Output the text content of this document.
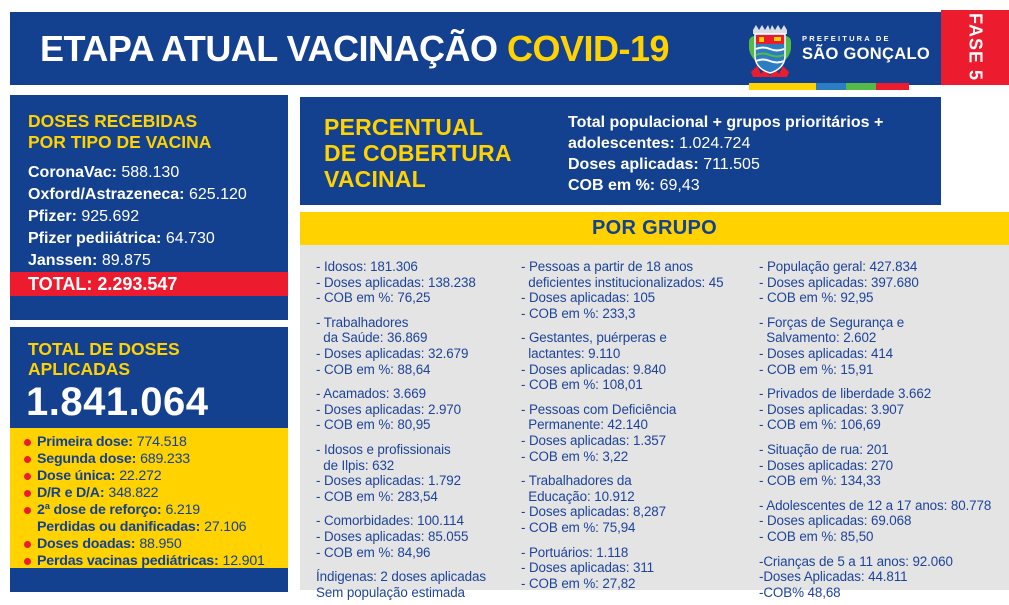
ETAPA ATUAL VACINAÇÃO COVID-19	PREFEITURA DE
SÃO GONÇALO FASE 5
DOSES RECEBIDAS
POR TIPO DE VACINA
CoronaVac: 588.130
Oxford/Astrazeneca: 625.120
Pfizer: 925.692
Pfizer pediiátrica: 64.730
Janssen: 89.875
TOTAL: 2.293.547
TOTAL DE DOSES
APLICADAS
1.841.064
Primeira dose: 774.518
Segunda dose: 689.233
Dose única: 22.272
D/R e D/A: 348.822
2ª dose de reforço: 6.219
Perdidas ou danificadas: 27.106
Doses doadas: 88.950
Perdas vacinas pediátricas: 12.901
PERCENTUAL
DE COBERTURA
VACINAL

Total populacional + grupos prioritários + adolescentes: 1.024.724

Doses aplicadas: 711.505

COB em %: 69,43

POR GRUPO
- Idosos: 181.306
- Doses aplicadas: 138.238
- COB em %: 76,25
- Trabalhadores
da Saúde: 36.869
- Doses aplicadas: 32.679
- COB em %: 88,64
- Acamados: 3.669
- Doses aplicadas: 2.970
- COB em %: 80,95
- Idosos e profissionais
de Ilpis: 632
- Doses aplicadas: 1.792
- COB em %: 283,54
- Comorbidades: 100.114
- Doses aplicadas: 85.055
- COB em %: 84,96
Índigenas: 2 doses aplicadas
Sem população estimada
- Pessoas a partir de 18 anos
deficientes institucionalizados: 45
- Doses aplicadas: 105
- COB em %: 233,3
- Gestantes, puérperas e
lactantes: 9.110
- Doses aplicadas: 9.840
- COB em %: 108,01
- Pessoas com Deficiência
Permanente: 42.140
- Doses aplicadas: 1.357
- COB em %: 3,22
- Trabalhadores da
Educação: 10.912
- Doses aplicadas: 8,287
- COB em %: 75,94
- Portuários: 1.118
- Doses aplicadas: 311
- COB em %: 27,82
- População geral: 427.834
- Doses aplicadas: 397.680
- COB em %: 92,95
- Forças de Segurança e
Salvamento: 2.602
- Doses aplicadas: 414
- COB em %: 15,91
- Privados de liberdade 3.662
- Doses aplicadas: 3.907
- COB em %: 106,69
- Situação de rua: 201
- Doses aplicadas: 270
- COB em %: 134,33
- Adolescentes de 12 a 17 anos: 80.778
- Doses aplicadas: 69.068
- COB em %: 85,50
-Crianças de 5 a 11 anos: 92.060
-Doses Aplicadas: 44.811
-COB% 48,68
